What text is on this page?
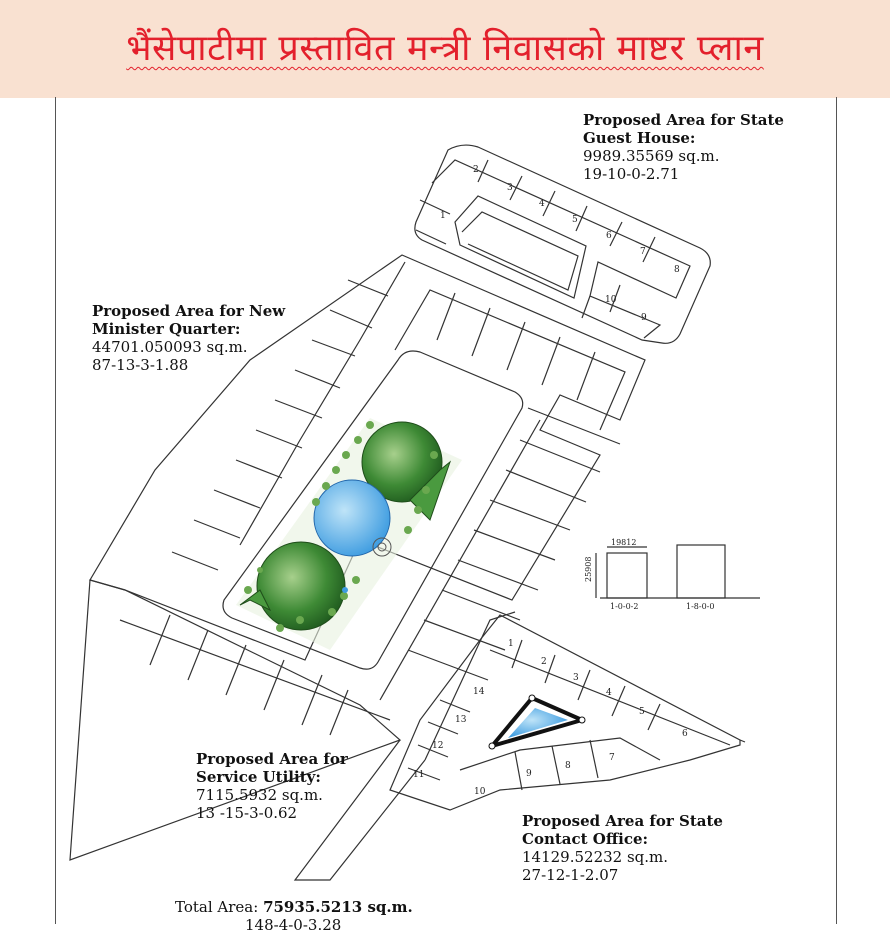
भैंसेपाटीमा प्रस्तावित मन्त्री निवासको माष्टर प्लान
1
2
3
4
5
6
7
8
9
10
1
2
3
4
5
6
7
8
9
10
11
12
13
14
19812
25908
1-0-0-2	1-8-0-0
Proposed Area for State
Guest House:
9989.35569 sq.m.
19-10-0-2.71
Proposed Area for New
Minister Quarter:
44701.050093 sq.m.
87-13-3-1.88
Proposed Area for
Service Utility:
7115.5932 sq.m.
13 -15-3-0.62	Proposed Area for State
Contact Office:
14129.52232 sq.m.
27-12-1-2.07
Total Area: 75935.5213 sq.m.
148-4-0-3.28
